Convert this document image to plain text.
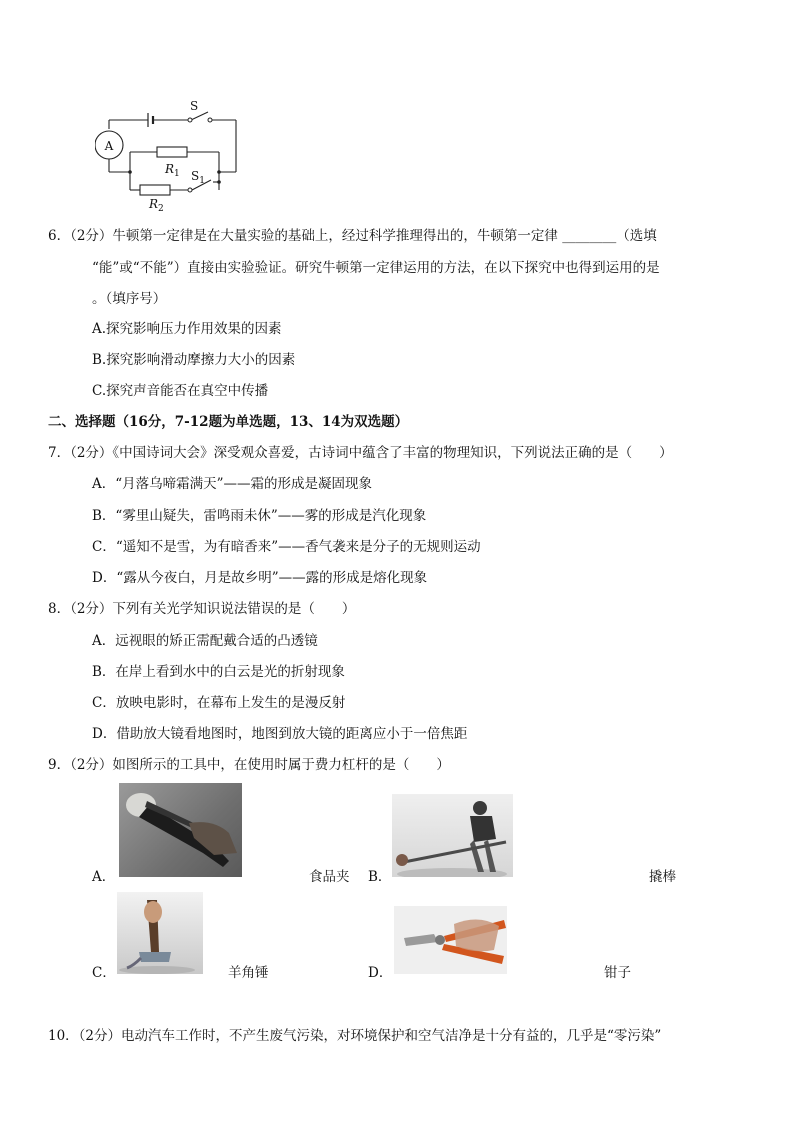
A
S
$R_1$ $S_1$
$R_2$
6．（2分）牛顿第一定律是在大量实验的基础上，经过科学推理得出的，牛顿第一定律 ________（选填
“能”或“不能”）直接由实验验证。研究牛顿第一定律运用的方法，在以下探究中也得到运用的是
。（填序号）
A.探究影响压力作用效果的因素
B.探究影响滑动摩擦力大小的因素
C.探究声音能否在真空中传播
二、选择题（16分，7-12题为单选题，13、14为双选题）
7．（2分）《中国诗词大会》深受观众喜爱，古诗词中蕴含了丰富的物理知识，下列说法正确的是（　　）
A．“月落乌啼霜满天”——霜的形成是凝固现象
B．“雾里山疑失，雷鸣雨未休”——雾的形成是汽化现象
C．“遥知不是雪，为有暗香来”——香气袭来是分子的无规则运动
D．“露从今夜白，月是故乡明”——露的形成是熔化现象
8．（2分）下列有关光学知识说法错误的是（　　）
A．远视眼的矫正需配戴合适的凸透镜
B．在岸上看到水中的白云是光的折射现象
C．放映电影时，在幕布上发生的是漫反射
D．借助放大镜看地图时，地图到放大镜的距离应小于一倍焦距
9．（2分）如图所示的工具中，在使用时属于费力杠杆的是（　　）
A．	食品夹 B．	撬棒
C．	羊角锤	D．	钳子
10．（2分）电动汽车工作时，不产生废气污染，对环境保护和空气洁净是十分有益的，几乎是“零污染”
